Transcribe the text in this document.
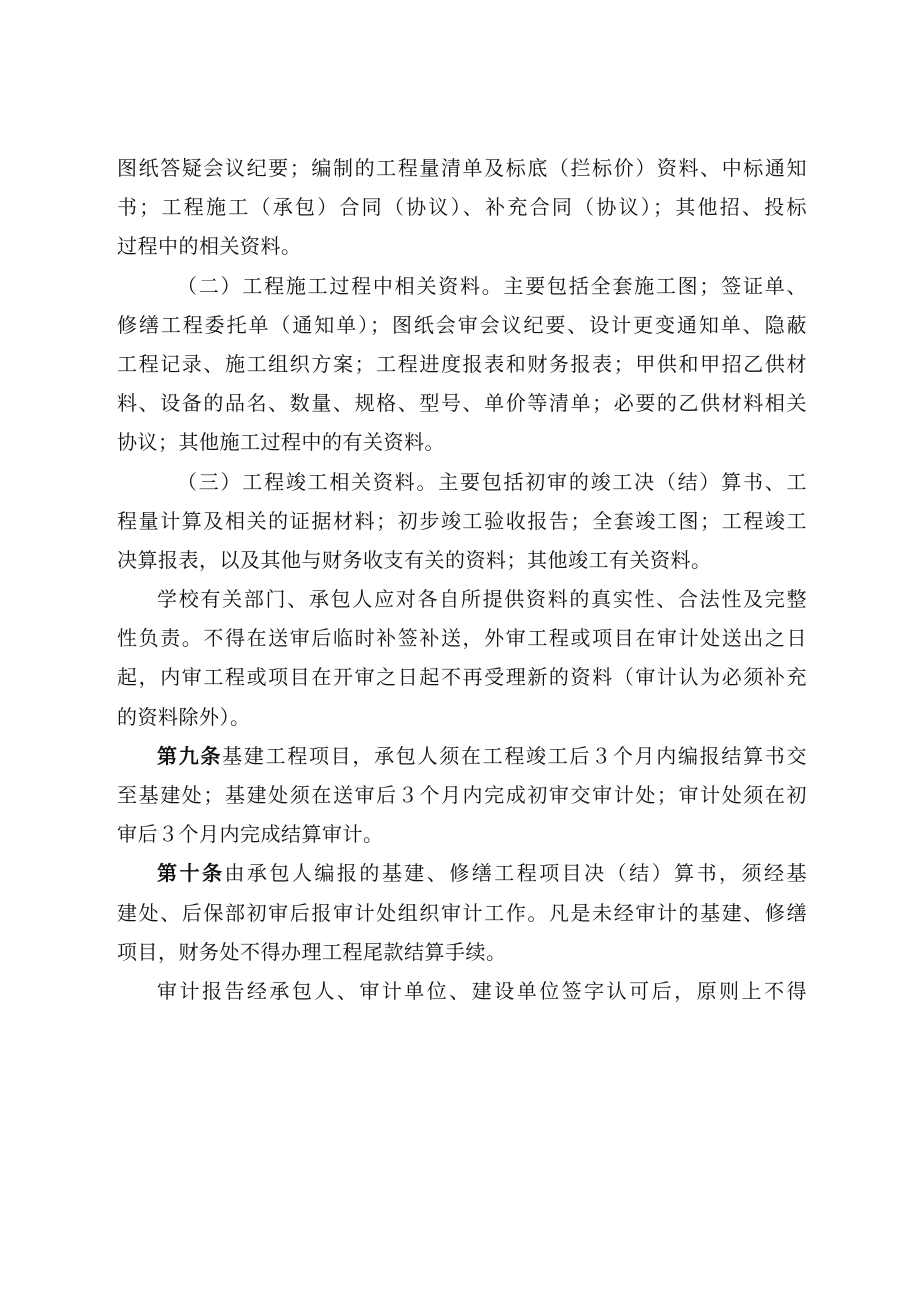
图纸答疑会议纪要；编制的工程量清单及标底（拦标价）资料、中标通知
书；工程施工（承包）合同（协议）、补充合同（协议）；其他招、投标
过程中的相关资料。
（二）工程施工过程中相关资料。主要包括全套施工图；签证单、
修缮工程委托单（通知单）；图纸会审会议纪要、设计更变通知单、隐蔽
工程记录、施工组织方案；工程进度报表和财务报表；甲供和甲招乙供材
料、设备的品名、数量、规格、型号、单价等清单；必要的乙供材料相关
协议；其他施工过程中的有关资料。
（三）工程竣工相关资料。主要包括初审的竣工决（结）算书、工
程量计算及相关的证据材料；初步竣工验收报告；全套竣工图；工程竣工
决算报表，以及其他与财务收支有关的资料；其他竣工有关资料。
学校有关部门、承包人应对各自所提供资料的真实性、合法性及完整
性负责。不得在送审后临时补签补送，外审工程或项目在审计处送出之日
起，内审工程或项目在开审之日起不再受理新的资料（审计认为必须补充
的资料除外）。
第九条基建工程项目，承包人须在工程竣工后３个月内编报结算书交
至基建处；基建处须在送审后３个月内完成初审交审计处；审计处须在初
审后３个月内完成结算审计。
第十条由承包人编报的基建、修缮工程项目决（结）算书，须经基
建处、后保部初审后报审计处组织审计工作。凡是未经审计的基建、修缮
项目，财务处不得办理工程尾款结算手续。
审计报告经承包人、审计单位、建设单位签字认可后，原则上不得
